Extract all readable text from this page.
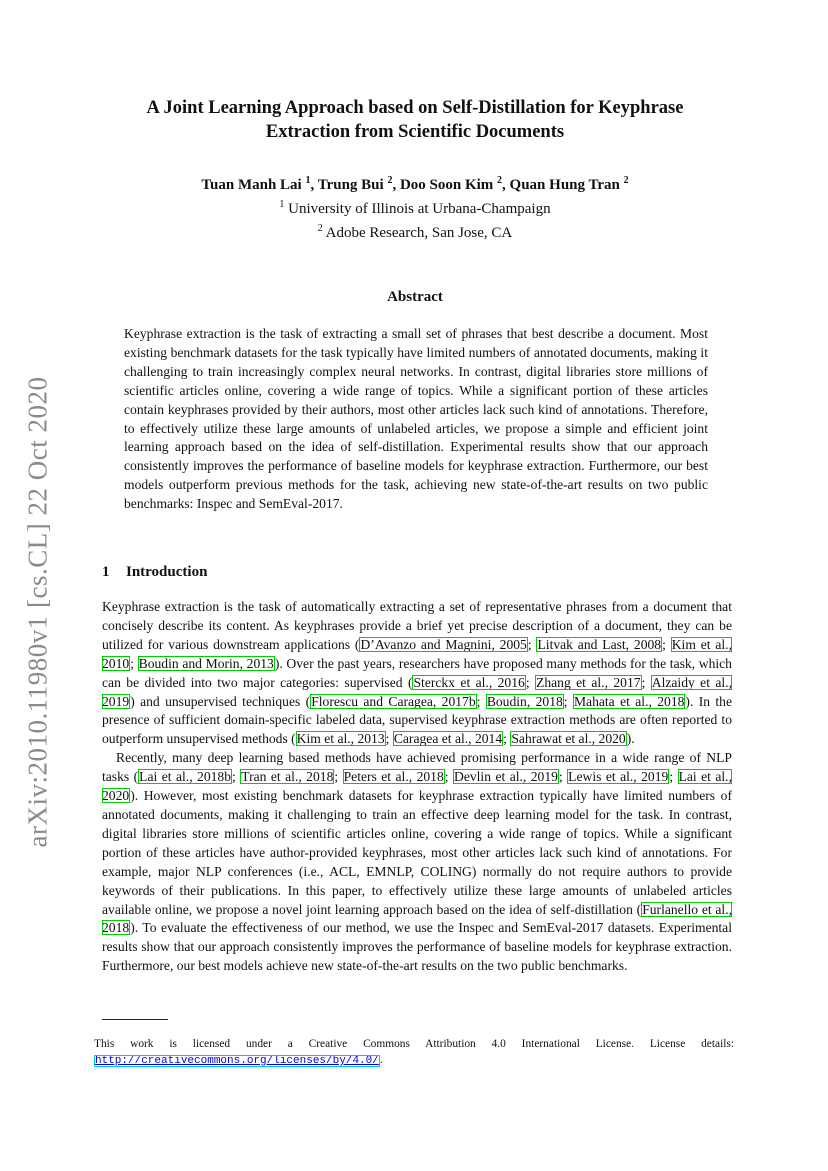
arXiv:2010.11980v1 [cs.CL] 22 Oct 2020
A Joint Learning Approach based on Self-Distillation for Keyphrase
Extraction from Scientific Documents
Tuan Manh Lai $^1$, Trung Bui $^2$, Doo Soon Kim $^2$, Quan Hung Tran $^2$
$^1$ University of Illinois at Urbana-Champaign
$^2$ Adobe Research, San Jose, CA
Abstract

Keyphrase extraction is the task of extracting a small set of phrases that best describe a document. Most existing benchmark datasets for the task typically have limited numbers of annotated documents, making it challenging to train increasingly complex neural networks. In contrast, digital libraries store millions of scientific articles online, covering a wide range of topics. While a significant portion of these articles contain keyphrases provided by their authors, most other articles lack such kind of annotations. Therefore, to effectively utilize these large amounts of unlabeled articles, we propose a simple and efficient joint learning approach based on the idea of self-distillation. Experimental results show that our approach consistently improves the performance of baseline models for keyphrase extraction. Furthermore, our best models outperform previous methods for the task, achieving new state-of-the-art results on two public benchmarks: Inspec and SemEval-2017.

1 Introduction

Keyphrase extraction is the task of automatically extracting a set of representative phrases from a document that concisely describe its content. As keyphrases provide a brief yet precise description of a document, they can be utilized for various downstream applications (D’Avanzo and Magnini, 2005; Litvak and Last, 2008; Kim et al., 2010; Boudin and Morin, 2013). Over the past years, researchers have proposed many methods for the task, which can be divided into two major categories: supervised (Sterckx et al., 2016; Zhang et al., 2017; Alzaidy et al., 2019) and unsupervised techniques (Florescu and Caragea, 2017b; Boudin, 2018; Mahata et al., 2018). In the presence of sufficient domain-specific labeled data, supervised keyphrase extraction methods are often reported to outperform unsupervised methods (Kim et al., 2013; Caragea et al., 2014; Sahrawat et al., 2020).

Recently, many deep learning based methods have achieved promising performance in a wide range of NLP tasks (Lai et al., 2018b; Tran et al., 2018; Peters et al., 2018; Devlin et al., 2019; Lewis et al., 2019; Lai et al., 2020). However, most existing benchmark datasets for keyphrase extraction typically have limited numbers of annotated documents, making it challenging to train an effective deep learning model for the task. In contrast, digital libraries store millions of scientific articles online, covering a wide range of topics. While a significant portion of these articles have author-provided keyphrases, most other articles lack such kind of annotations. For example, major NLP conferences (i.e., ACL, EMNLP, COLING) normally do not require authors to provide keywords of their publications. In this paper, to effectively utilize these large amounts of unlabeled articles available online, we propose a novel joint learning approach based on the idea of self-distillation (Furlanello et al., 2018). To evaluate the effectiveness of our method, we use the Inspec and SemEval-2017 datasets. Experimental results show that our approach consistently improves the performance of baseline models for keyphrase extraction. Furthermore, our best models achieve new state-of-the-art results on the two public benchmarks.

This work is licensed under a Creative Commons Attribution 4.0 International License. License details: http://creativecommons.org/licenses/by/4.0/.
